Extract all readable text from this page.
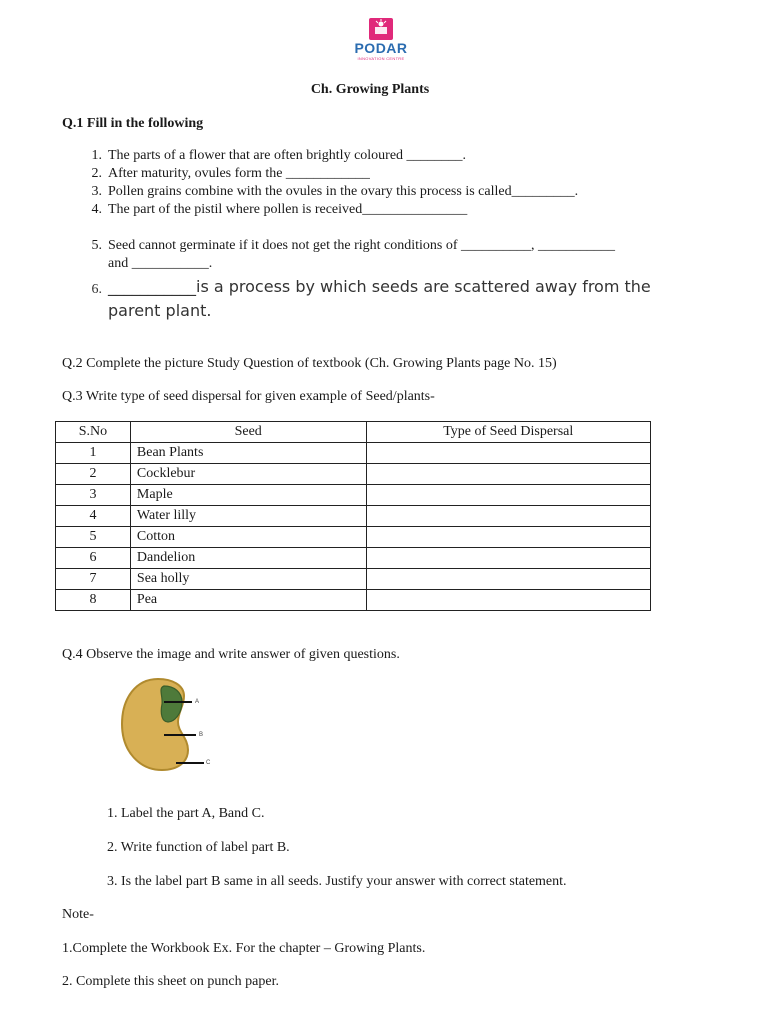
PODAR
INNOVATION CENTRE
Ch. Growing Plants
Q.1 Fill in the following
1. The parts of a flower that are often brightly coloured ________.
2. After maturity, ovules form the ____________
3. Pollen grains combine with the ovules in the ovary this process is called_________.
4. The part of the pistil where pollen is received_______________
5. Seed cannot germinate if it does not get the right conditions of __________, ___________
and ___________.
6. ___________is a process by which seeds are scattered away from the
parent plant.
Q.2 Complete the picture Study Question of textbook (Ch. Growing Plants page No. 15)
Q.3 Write type of seed dispersal for given example of Seed/plants-
S.No	Seed	Type of Seed Dispersal
1	Bean Plants	
2	Cocklebur	
3	Maple	
4	Water lilly	
5	Cotton	
6	Dandelion	
7	Sea holly	
8	Pea	
Q.4 Observe the image and write answer of given questions.
A
B
C
1. Label the part A, Band C.
2. Write function of label part B.
3. Is the label part B same in all seeds. Justify your answer with correct statement.
Note-
1.Complete the Workbook Ex. For the chapter – Growing Plants.
2. Complete this sheet on punch paper.
